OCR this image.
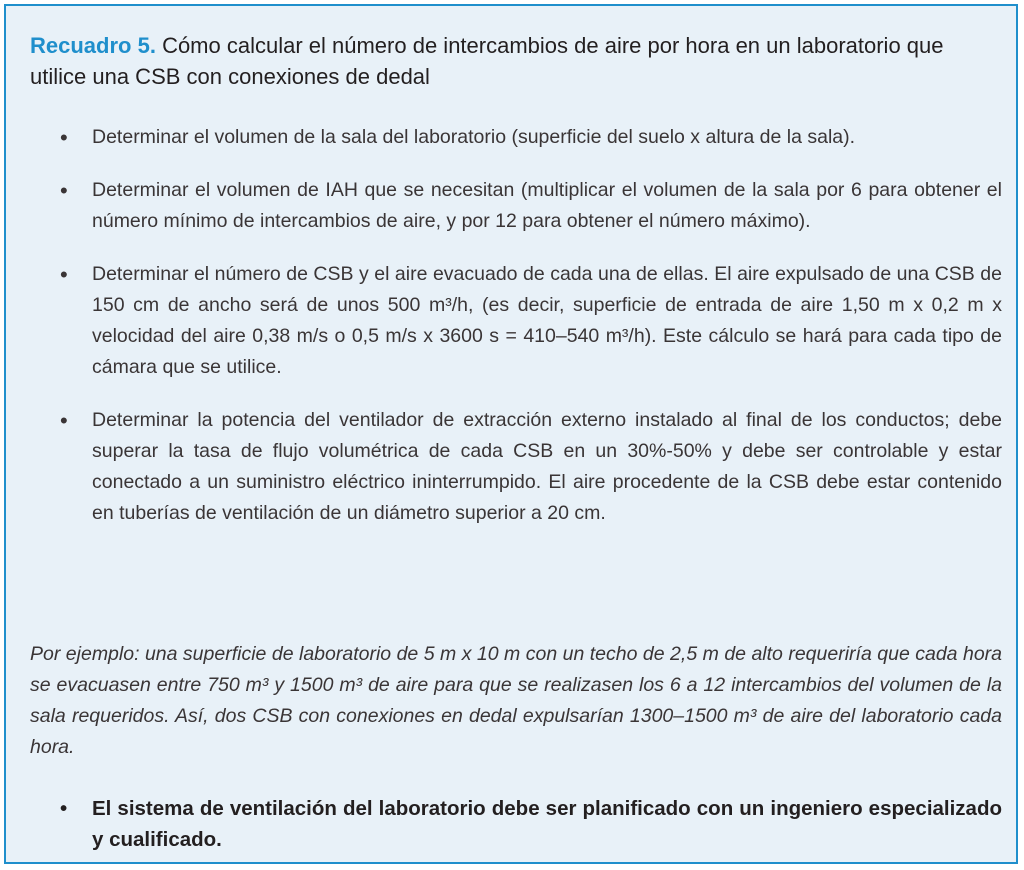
Recuadro 5. Cómo calcular el número de intercambios de aire por hora en un laboratorio que utilice una CSB con conexiones de dedal
• Determinar el volumen de la sala del laboratorio (superficie del suelo x altura de la sala).
• Determinar el volumen de IAH que se necesitan (multiplicar el volumen de la sala por 6 para obtener el número mínimo de intercambios de aire, y por 12 para obtener el número máximo).
• Determinar el número de CSB y el aire evacuado de cada una de ellas. El aire expulsado de una CSB de 150 cm de ancho será de unos 500 m³/h, (es decir, superficie de entrada de aire 1,50 m x 0,2 m x velocidad del aire 0,38 m/s o 0,5 m/s x 3600 s = 410–540 m³/h). Este cálculo se hará para cada tipo de cámara que se utilice.
• Determinar la potencia del ventilador de extracción externo instalado al final de los conductos; debe superar la tasa de flujo volumétrica de cada CSB en un 30%-50% y debe ser controlable y estar conectado a un suministro eléctrico ininterrumpido. El aire procedente de la CSB debe estar contenido en tuberías de ventilación de un diámetro superior a 20 cm.

Por ejemplo: una superficie de laboratorio de 5 m x 10 m con un techo de 2,5 m de alto requeriría que cada hora se evacuasen entre 750 m³ y 1500 m³ de aire para que se realizasen los 6 a 12 intercambios del volumen de la sala requeridos. Así, dos CSB con conexiones en dedal expulsarían 1300–1500 m³ de aire del laboratorio cada hora.

• El sistema de ventilación del laboratorio debe ser planificado con un ingeniero especializado y cualificado.
